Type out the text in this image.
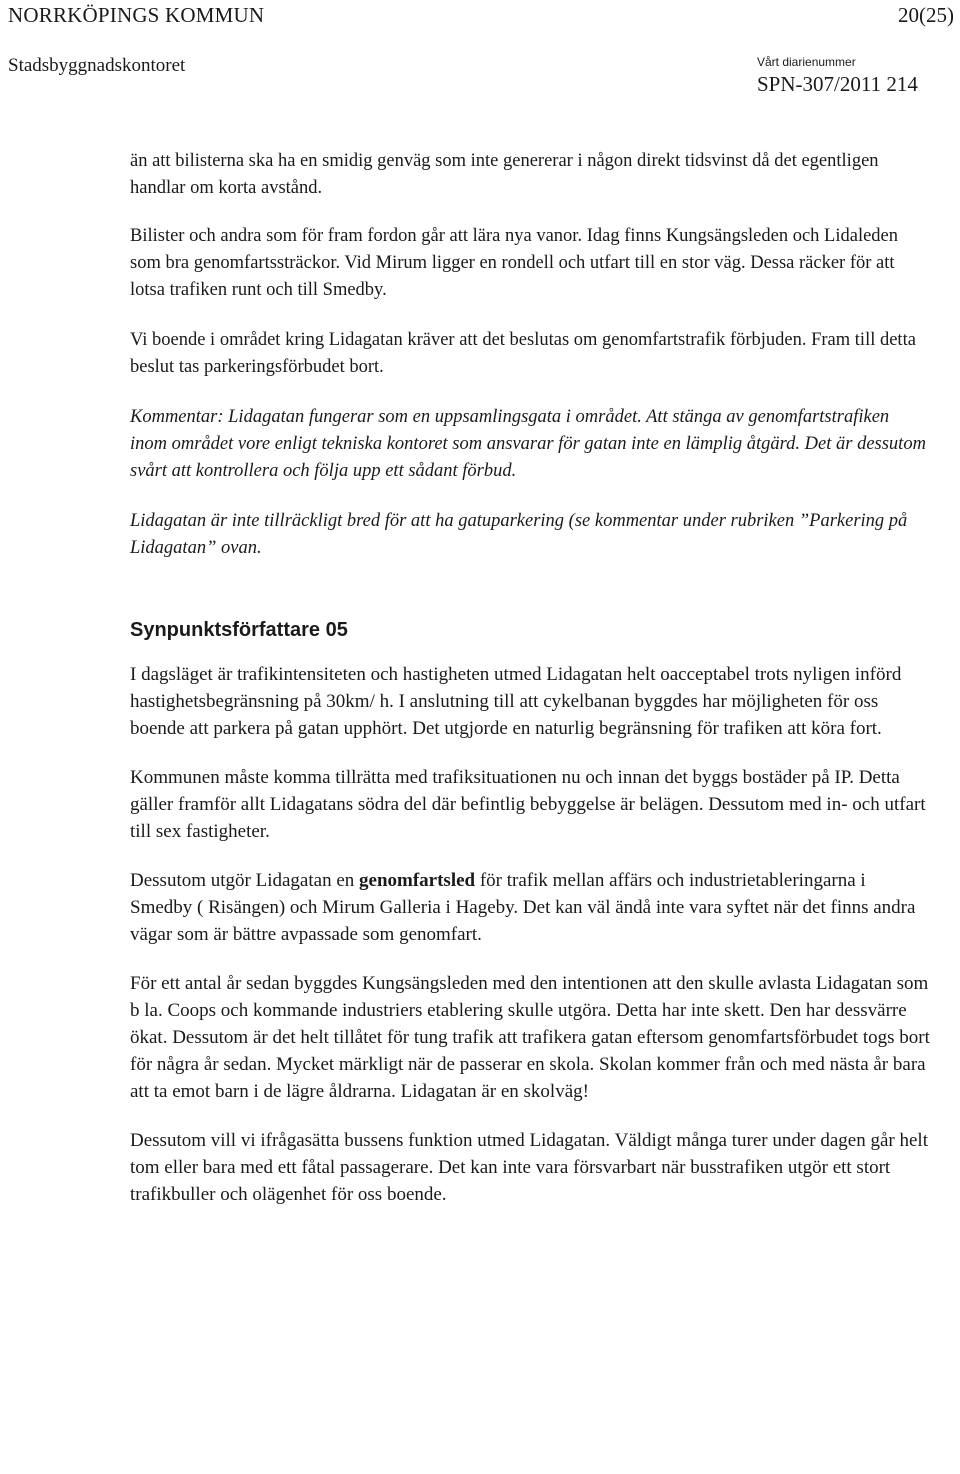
NORRKÖPINGS KOMMUN	20(25)
Stadsbyggnadskontoret	Vårt diarienummer
SPN-307/2011 214

än att bilisterna ska ha en smidig genväg som inte genererar i någon direkt tidsvinst då det egentligen handlar om korta avstånd.

Bilister och andra som för fram fordon går att lära nya vanor. Idag finns Kungsängsleden och Lidaleden som bra genomfartssträckor. Vid Mirum ligger en rondell och utfart till en stor väg. Dessa räcker för att lotsa trafiken runt och till Smedby.

Vi boende i området kring Lidagatan kräver att det beslutas om genomfartstrafik förbjuden. Fram till detta beslut tas parkeringsförbudet bort.

Kommentar: Lidagatan fungerar som en uppsamlingsgata i området. Att stänga av genomfartstrafiken inom området vore enligt tekniska kontoret som ansvarar för gatan inte en lämplig åtgärd. Det är dessutom svårt att kontrollera och följa upp ett sådant förbud.

Lidagatan är inte tillräckligt bred för att ha gatuparkering (se kommentar under rubriken ”Parkering på Lidagatan” ovan.

Synpunktsförfattare 05

I dagsläget är trafikintensiteten och hastigheten utmed Lidagatan helt oacceptabel trots nyligen införd hastighetsbegränsning på 30km/ h. I anslutning till att cykelbanan byggdes har möjligheten för oss boende att parkera på gatan upphört. Det utgjorde en naturlig begränsning för trafiken att köra fort.

Kommunen måste komma tillrätta med trafiksituationen nu och innan det byggs bostäder på IP. Detta gäller framför allt Lidagatans södra del där befintlig bebyggelse är belägen. Dessutom med in- och utfart till sex fastigheter.

Dessutom utgör Lidagatan en genomfartsled för trafik mellan affärs och industrietableringarna i Smedby ( Risängen) och Mirum Galleria i Hageby. Det kan väl ändå inte vara syftet när det finns andra vägar som är bättre avpassade som genomfart.

För ett antal år sedan byggdes Kungsängsleden med den intentionen att den skulle avlasta Lidagatan som b la. Coops och kommande industriers etablering skulle utgöra. Detta har inte skett. Den har dessvärre ökat. Dessutom är det helt tillåtet för tung trafik att trafikera gatan eftersom genomfartsförbudet togs bort för några år sedan. Mycket märkligt när de passerar en skola. Skolan kommer från och med nästa år bara att ta emot barn i de lägre åldrarna. Lidagatan är en skolväg!

Dessutom vill vi ifrågasätta bussens funktion utmed Lidagatan. Väldigt många turer under dagen går helt tom eller bara med ett fåtal passagerare. Det kan inte vara försvarbart när busstrafiken utgör ett stort trafikbuller och olägenhet för oss boende.
